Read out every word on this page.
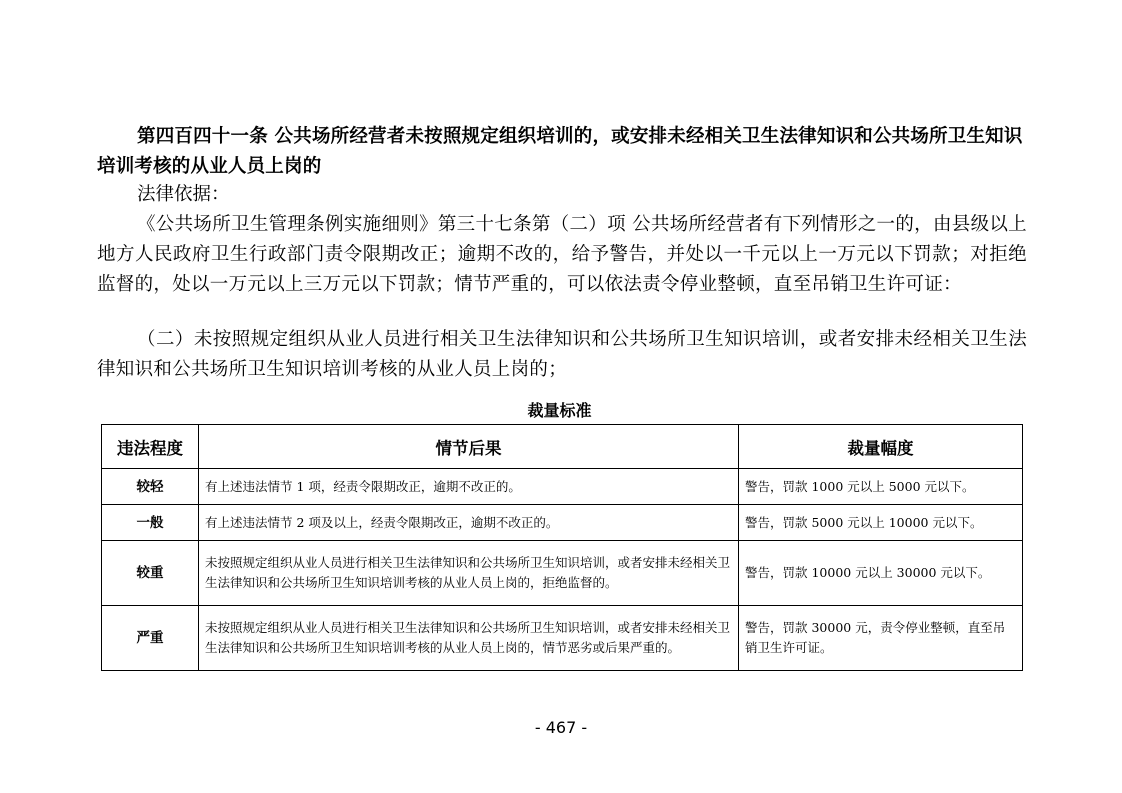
第四百四十一条 公共场所经营者未按照规定组织培训的，或安排未经相关卫生法律知识和公共场所卫生知识培训考核的从业人员上岗的
法律依据：
《公共场所卫生管理条例实施细则》第三十七条第（二）项 公共场所经营者有下列情形之一的，由县级以上地方人民政府卫生行政部门责令限期改正；逾期不改的，给予警告，并处以一千元以上一万元以下罚款；对拒绝监督的，处以一万元以上三万元以下罚款；情节严重的，可以依法责令停业整顿，直至吊销卫生许可证：
（二）未按照规定组织从业人员进行相关卫生法律知识和公共场所卫生知识培训，或者安排未经相关卫生法律知识和公共场所卫生知识培训考核的从业人员上岗的；
裁量标准
违法程度	情节后果	裁量幅度
较轻	有上述违法情节 1 项，经责令限期改正，逾期不改正的。	警告，罚款 1000 元以上 5000 元以下。
一般	有上述违法情节 2 项及以上，经责令限期改正，逾期不改正的。	警告，罚款 5000 元以上 10000 元以下。
较重	未按照规定组织从业人员进行相关卫生法律知识和公共场所卫生知识培训，或者安排未经相关卫生法律知识和公共场所卫生知识培训考核的从业人员上岗的，拒绝监督的。	警告，罚款 10000 元以上 30000 元以下。
严重	未按照规定组织从业人员进行相关卫生法律知识和公共场所卫生知识培训，或者安排未经相关卫生法律知识和公共场所卫生知识培训考核的从业人员上岗的，情节恶劣或后果严重的。	警告，罚款 30000 元，责令停业整顿，直至吊销卫生许可证。
- 467 -
